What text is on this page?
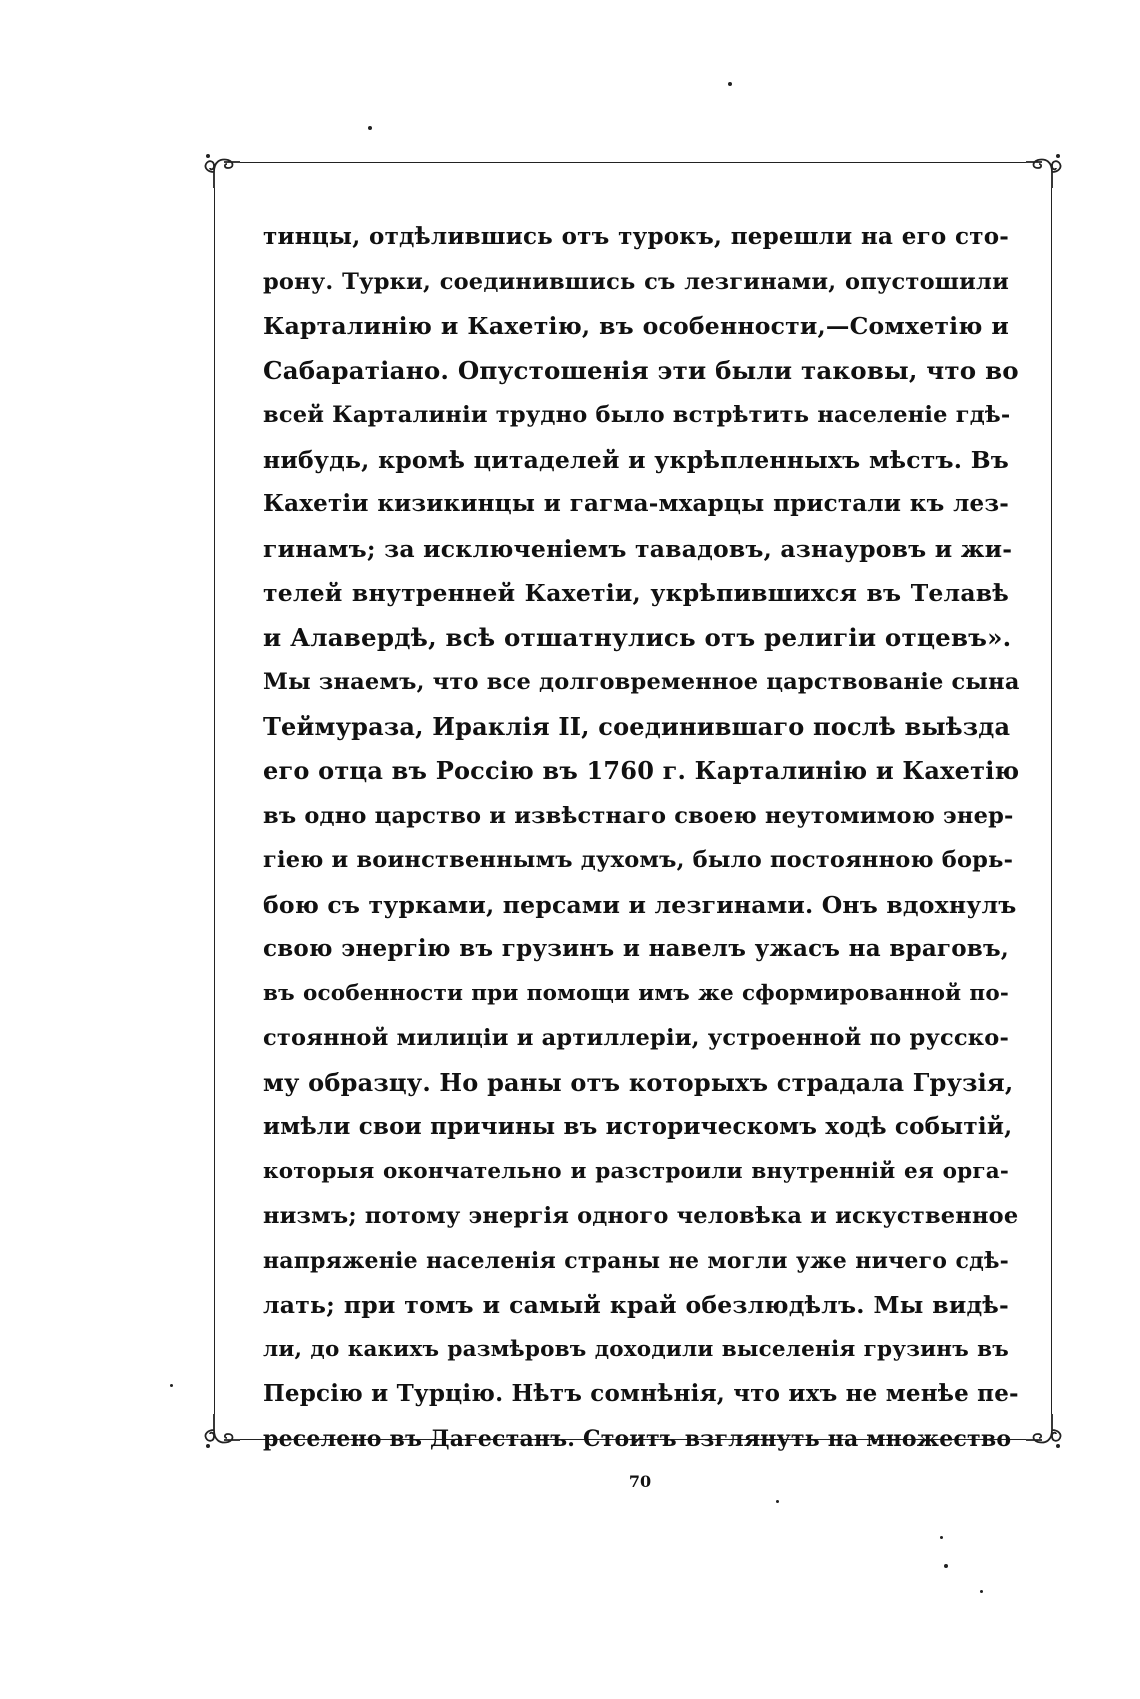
тинцы, отдѣлившись отъ турокъ, перешли на его сто-
рону. Турки, соединившись съ лезгинами, опустошили
Карталинію и Кахетію, въ особенности,—Сомхетію и
Сабаратіано. Опустошенія эти были таковы, что во
всей Карталиніи трудно было встрѣтить населеніе гдѣ-
нибудь, кромѣ цитаделей и укрѣпленныхъ мѣстъ. Въ
Кахетіи кизикинцы и гагма-мхарцы пристали къ лез-
гинамъ; за исключеніемъ тавадовъ, азнауровъ и жи-
телей внутренней Кахетіи, укрѣпившихся въ Телавѣ
и Алавердѣ, всѣ отшатнулись отъ религіи отцевъ».
Мы знаемъ, что все долговременное царствованіе сына
Теймураза, Ираклія II, соединившаго послѣ выѣзда
его отца въ Россію въ 1760 г. Карталинію и Кахетію
въ одно царство и извѣстнаго своею неутомимою энер-
гіею и воинственнымъ духомъ, было постоянною борь-
бою съ турками, персами и лезгинами. Онъ вдохнулъ
свою энергію въ грузинъ и навелъ ужасъ на враговъ,
въ особенности при помощи имъ же сформированной по-
стоянной милиціи и артиллеріи, устроенной по русско-
му образцу. Но раны отъ которыхъ страдала Грузія,
имѣли свои причины въ историческомъ ходѣ событій,
которыя окончательно и разстроили внутренній ея орга-
низмъ; потому энергія одного человѣка и искуственное
напряженіе населенія страны не могли уже ничего сдѣ-
лать; при томъ и самый край обезлюдѣлъ. Мы видѣ-
ли, до какихъ размѣровъ доходили выселенія грузинъ въ
Персію и Турцію. Нѣтъ сомнѣнія, что ихъ не менѣе пе-
реселено въ Дагестанъ. Стоитъ взглянуть на множество
70
